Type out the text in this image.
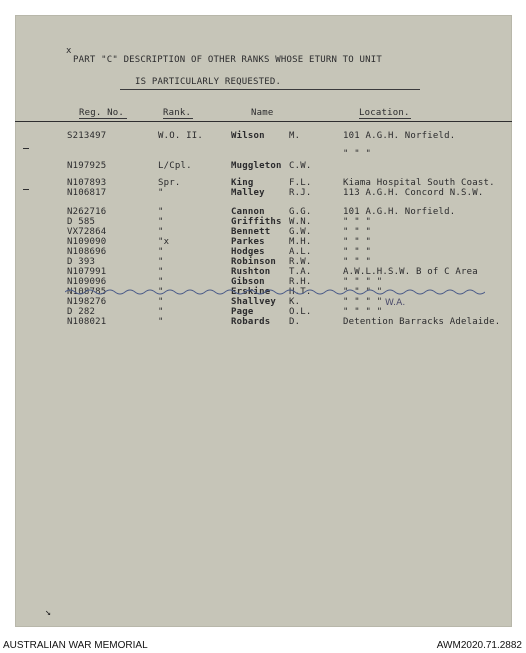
x
PART "C" DESCRIPTION OF OTHER RANKS WHOSE ETURN TO UNIT
IS PARTICULARLY REQUESTED.
Reg. No.	Rank.	Name	Location.
S213497	W.O. II.	Wilson	M.	101 A.G.H. Norfield.
" " "
N197925	L/Cpl.	Muggleton C.W.
N107893	Spr.	King	F.L.	Kiama Hospital South Coast.
N106817	"	Malley	R.J.	113 A.G.H. Concord N.S.W.
N262716	"	Cannon	G.G.	101 A.G.H. Norfield.
D 585	"	Griffiths W.N.	" " "
VX72864	"	Bennett G.W.	" " "
N109090	"x	Parkes	M.H.	" " "
N108696	"	Hodges	A.L.	" " "
D 393	"	Robinson R.W.	" " "
N107991	"	Rushton T.A.	A.W.L.H.S.W. B of C Area
N109096	"	Gibson	R.H.	" " " "
N108785	"	Erskine H.T.	" " " "
N198276	"	Shallvey K.	" " " "
D 282	"	Page	O.L.	" " " "
N108021	"	Robards D.	Detention Barracks Adelaide.
W.A.
↘
AUSTRALIAN WAR MEMORIAL	AWM2020.71.2882
